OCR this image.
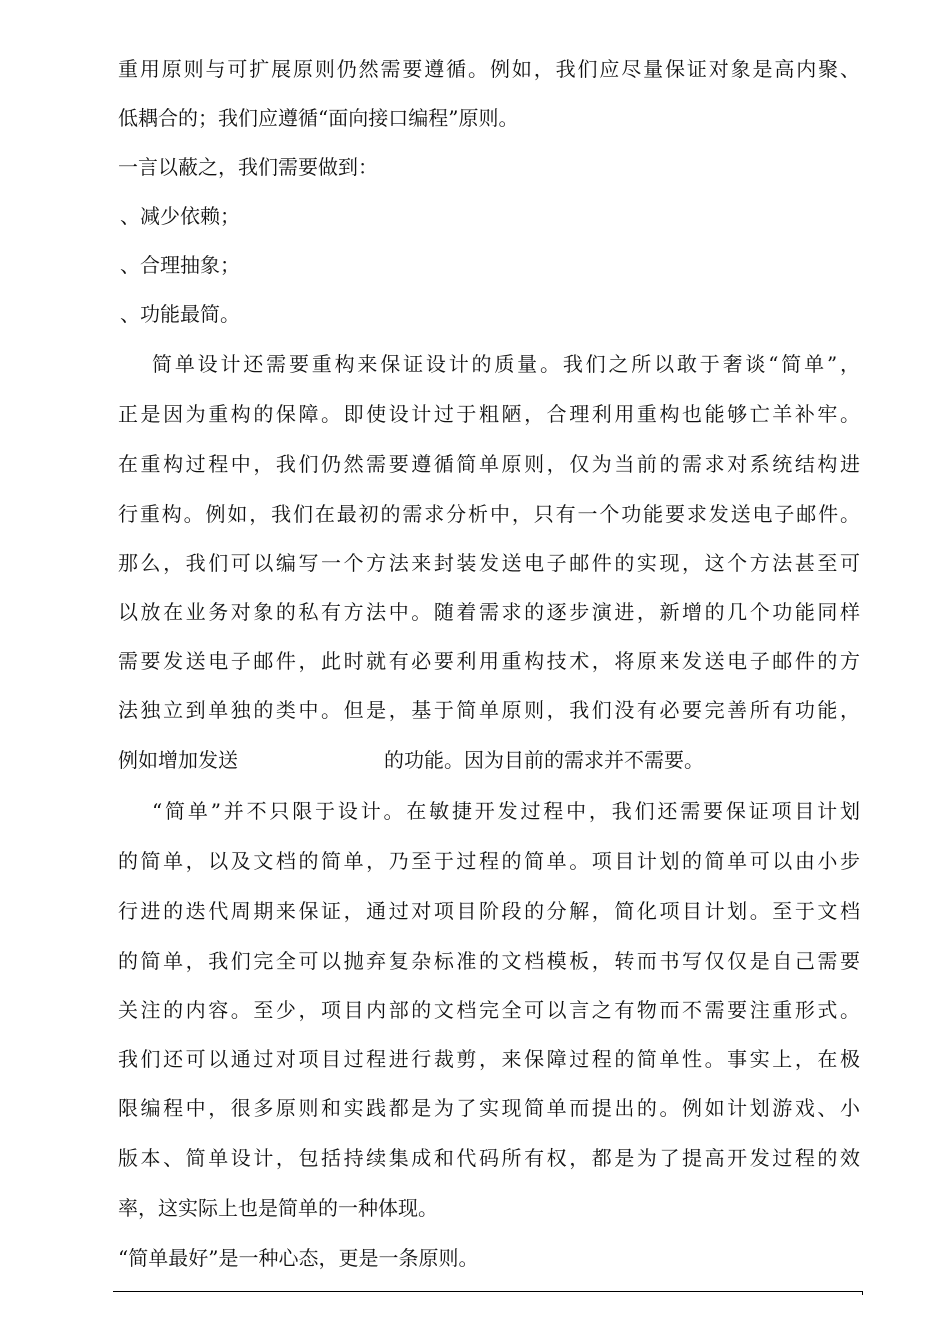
重用原则与可扩展原则仍然需要遵循。例如，我们应尽量保证对象是高内聚、
低耦合的；我们应遵循“面向接口编程”原则。
一言以蔽之，我们需要做到：
、减少依赖；
、合理抽象；
、功能最简。
简单设计还需要重构来保证设计的质量。我们之所以敢于奢谈“简单”，
正是因为重构的保障。即使设计过于粗陋，合理利用重构也能够亡羊补牢。
在重构过程中，我们仍然需要遵循简单原则，仅为当前的需求对系统结构进
行重构。例如，我们在最初的需求分析中，只有一个功能要求发送电子邮件。
那么，我们可以编写一个方法来封装发送电子邮件的实现，这个方法甚至可
以放在业务对象的私有方法中。随着需求的逐步演进，新增的几个功能同样
需要发送电子邮件，此时就有必要利用重构技术，将原来发送电子邮件的方
法独立到单独的类中。但是，基于简单原则，我们没有必要完善所有功能，
例如增加发送	的功能。因为目前的需求并不需要。
“简单”并不只限于设计。在敏捷开发过程中，我们还需要保证项目计划
的简单，以及文档的简单，乃至于过程的简单。项目计划的简单可以由小步
行进的迭代周期来保证，通过对项目阶段的分解，简化项目计划。至于文档
的简单，我们完全可以抛弃复杂标准的文档模板，转而书写仅仅是自己需要
关注的内容。至少，项目内部的文档完全可以言之有物而不需要注重形式。
我们还可以通过对项目过程进行裁剪，来保障过程的简单性。事实上，在极
限编程中，很多原则和实践都是为了实现简单而提出的。例如计划游戏、小
版本、简单设计，包括持续集成和代码所有权，都是为了提高开发过程的效
率，这实际上也是简单的一种体现。
“简单最好”是一种心态，更是一条原则。
